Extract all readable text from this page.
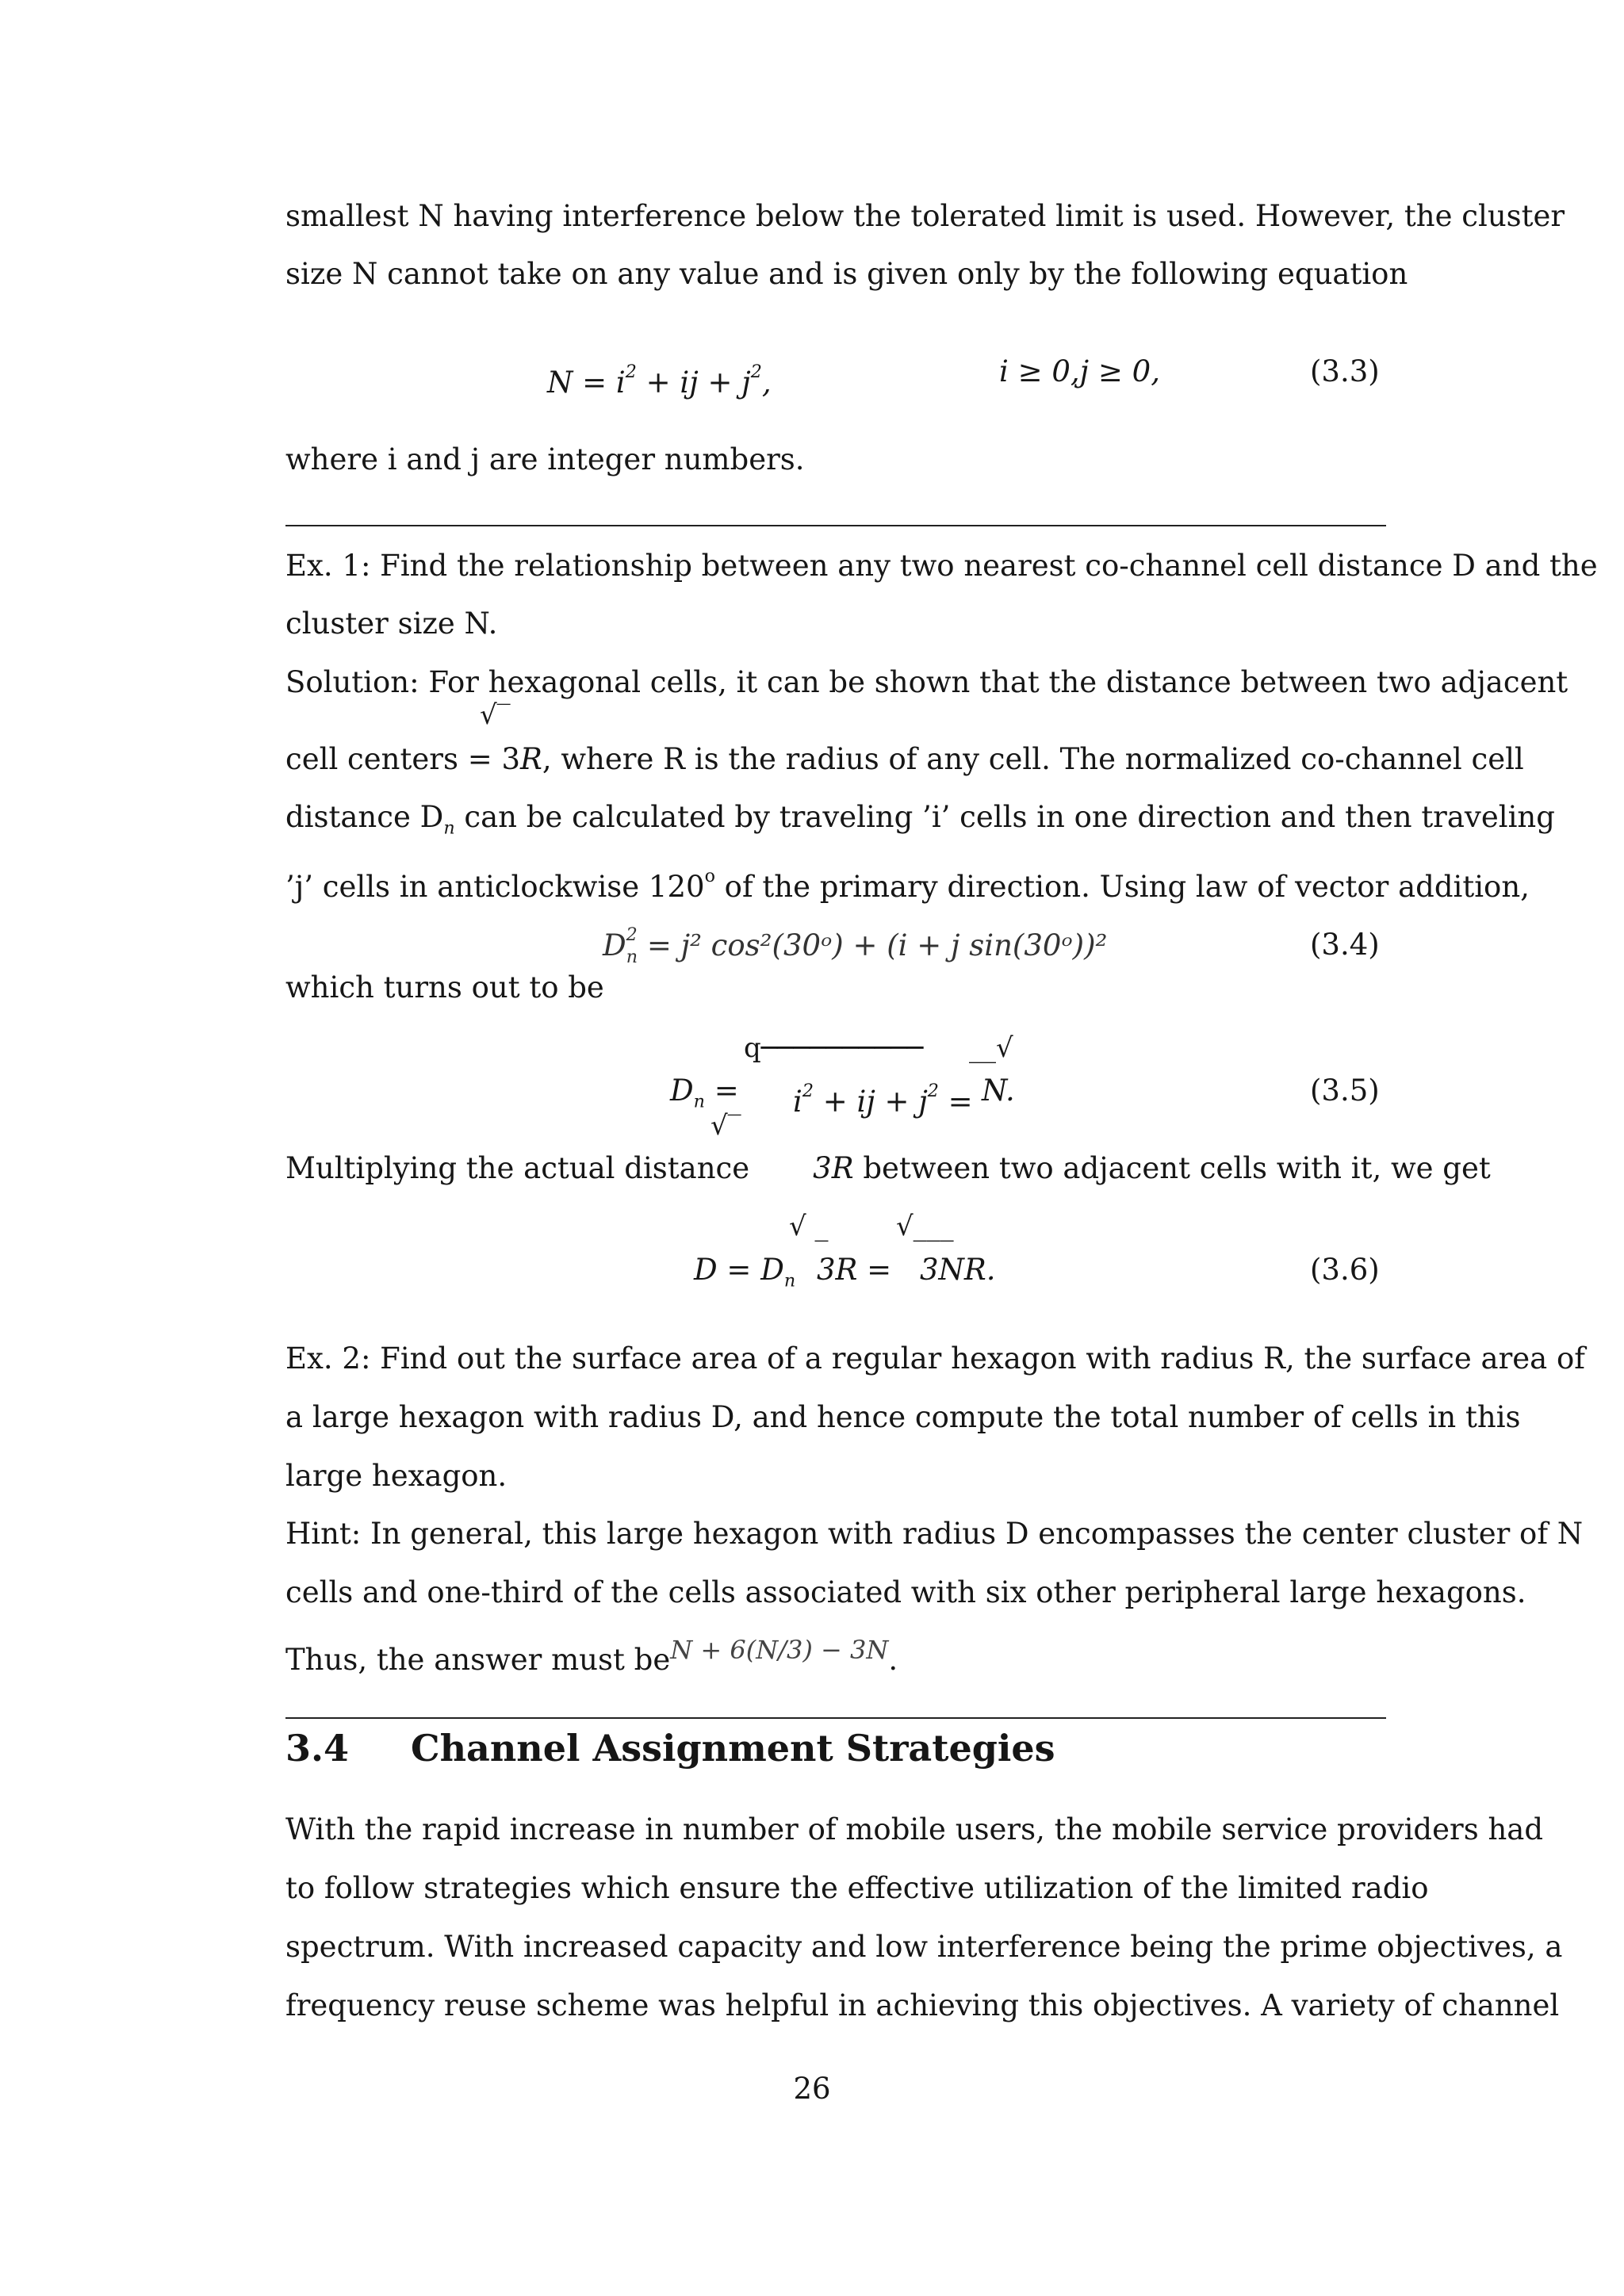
smallest N having interference below the tolerated limit is used. However, the cluster
size N cannot take on any value and is given only by the following equation
$N = i^2$ + ij + $j^2$,	i ≥ 0,j ≥ 0,	(3.3)
where i and j are integer numbers.
Ex. 1: Find the relationship between any two nearest co-channel cell distance D and the
cluster size N.
Solution: For hexagonal cells, it can be shown that the distance between two adjacent
√‾
cell centers = 3R, where R is the radius of any cell. The normalized co-channel cell
distance $D_n$ can be calculated by traveling ’i’ cells in one direction and then traveling
’j’ cells in anticlockwise 120$^o$ of the primary direction. Using law of vector addition,
$D^2_n = j^2$ cos²(30ᵒ) + (i + j sin(30ᵒ))²	(3.4)
which turns out to be
q────────── __√
$D_n = i^2$ + ij + $j^2 = N$.	(3.5)
√‾
Multiplying the actual distance 3R between two adjacent cells with it, we get
√ _	√___
$D = D_n$ 3R = 3NR.	(3.6)
Ex. 2: Find out the surface area of a regular hexagon with radius R, the surface area of
a large hexagon with radius D, and hence compute the total number of cells in this
large hexagon.
Hint: In general, this large hexagon with radius D encompasses the center cluster of N
cells and one-third of the cells associated with six other peripheral large hexagons.
Thus, the answer must beN + 6(N/3) − 3N.
3.4 Channel Assignment Strategies
With the rapid increase in number of mobile users, the mobile service providers had
to follow strategies which ensure the effective utilization of the limited radio
spectrum. With increased capacity and low interference being the prime objectives, a
frequency reuse scheme was helpful in achieving this objectives. A variety of channel
26
